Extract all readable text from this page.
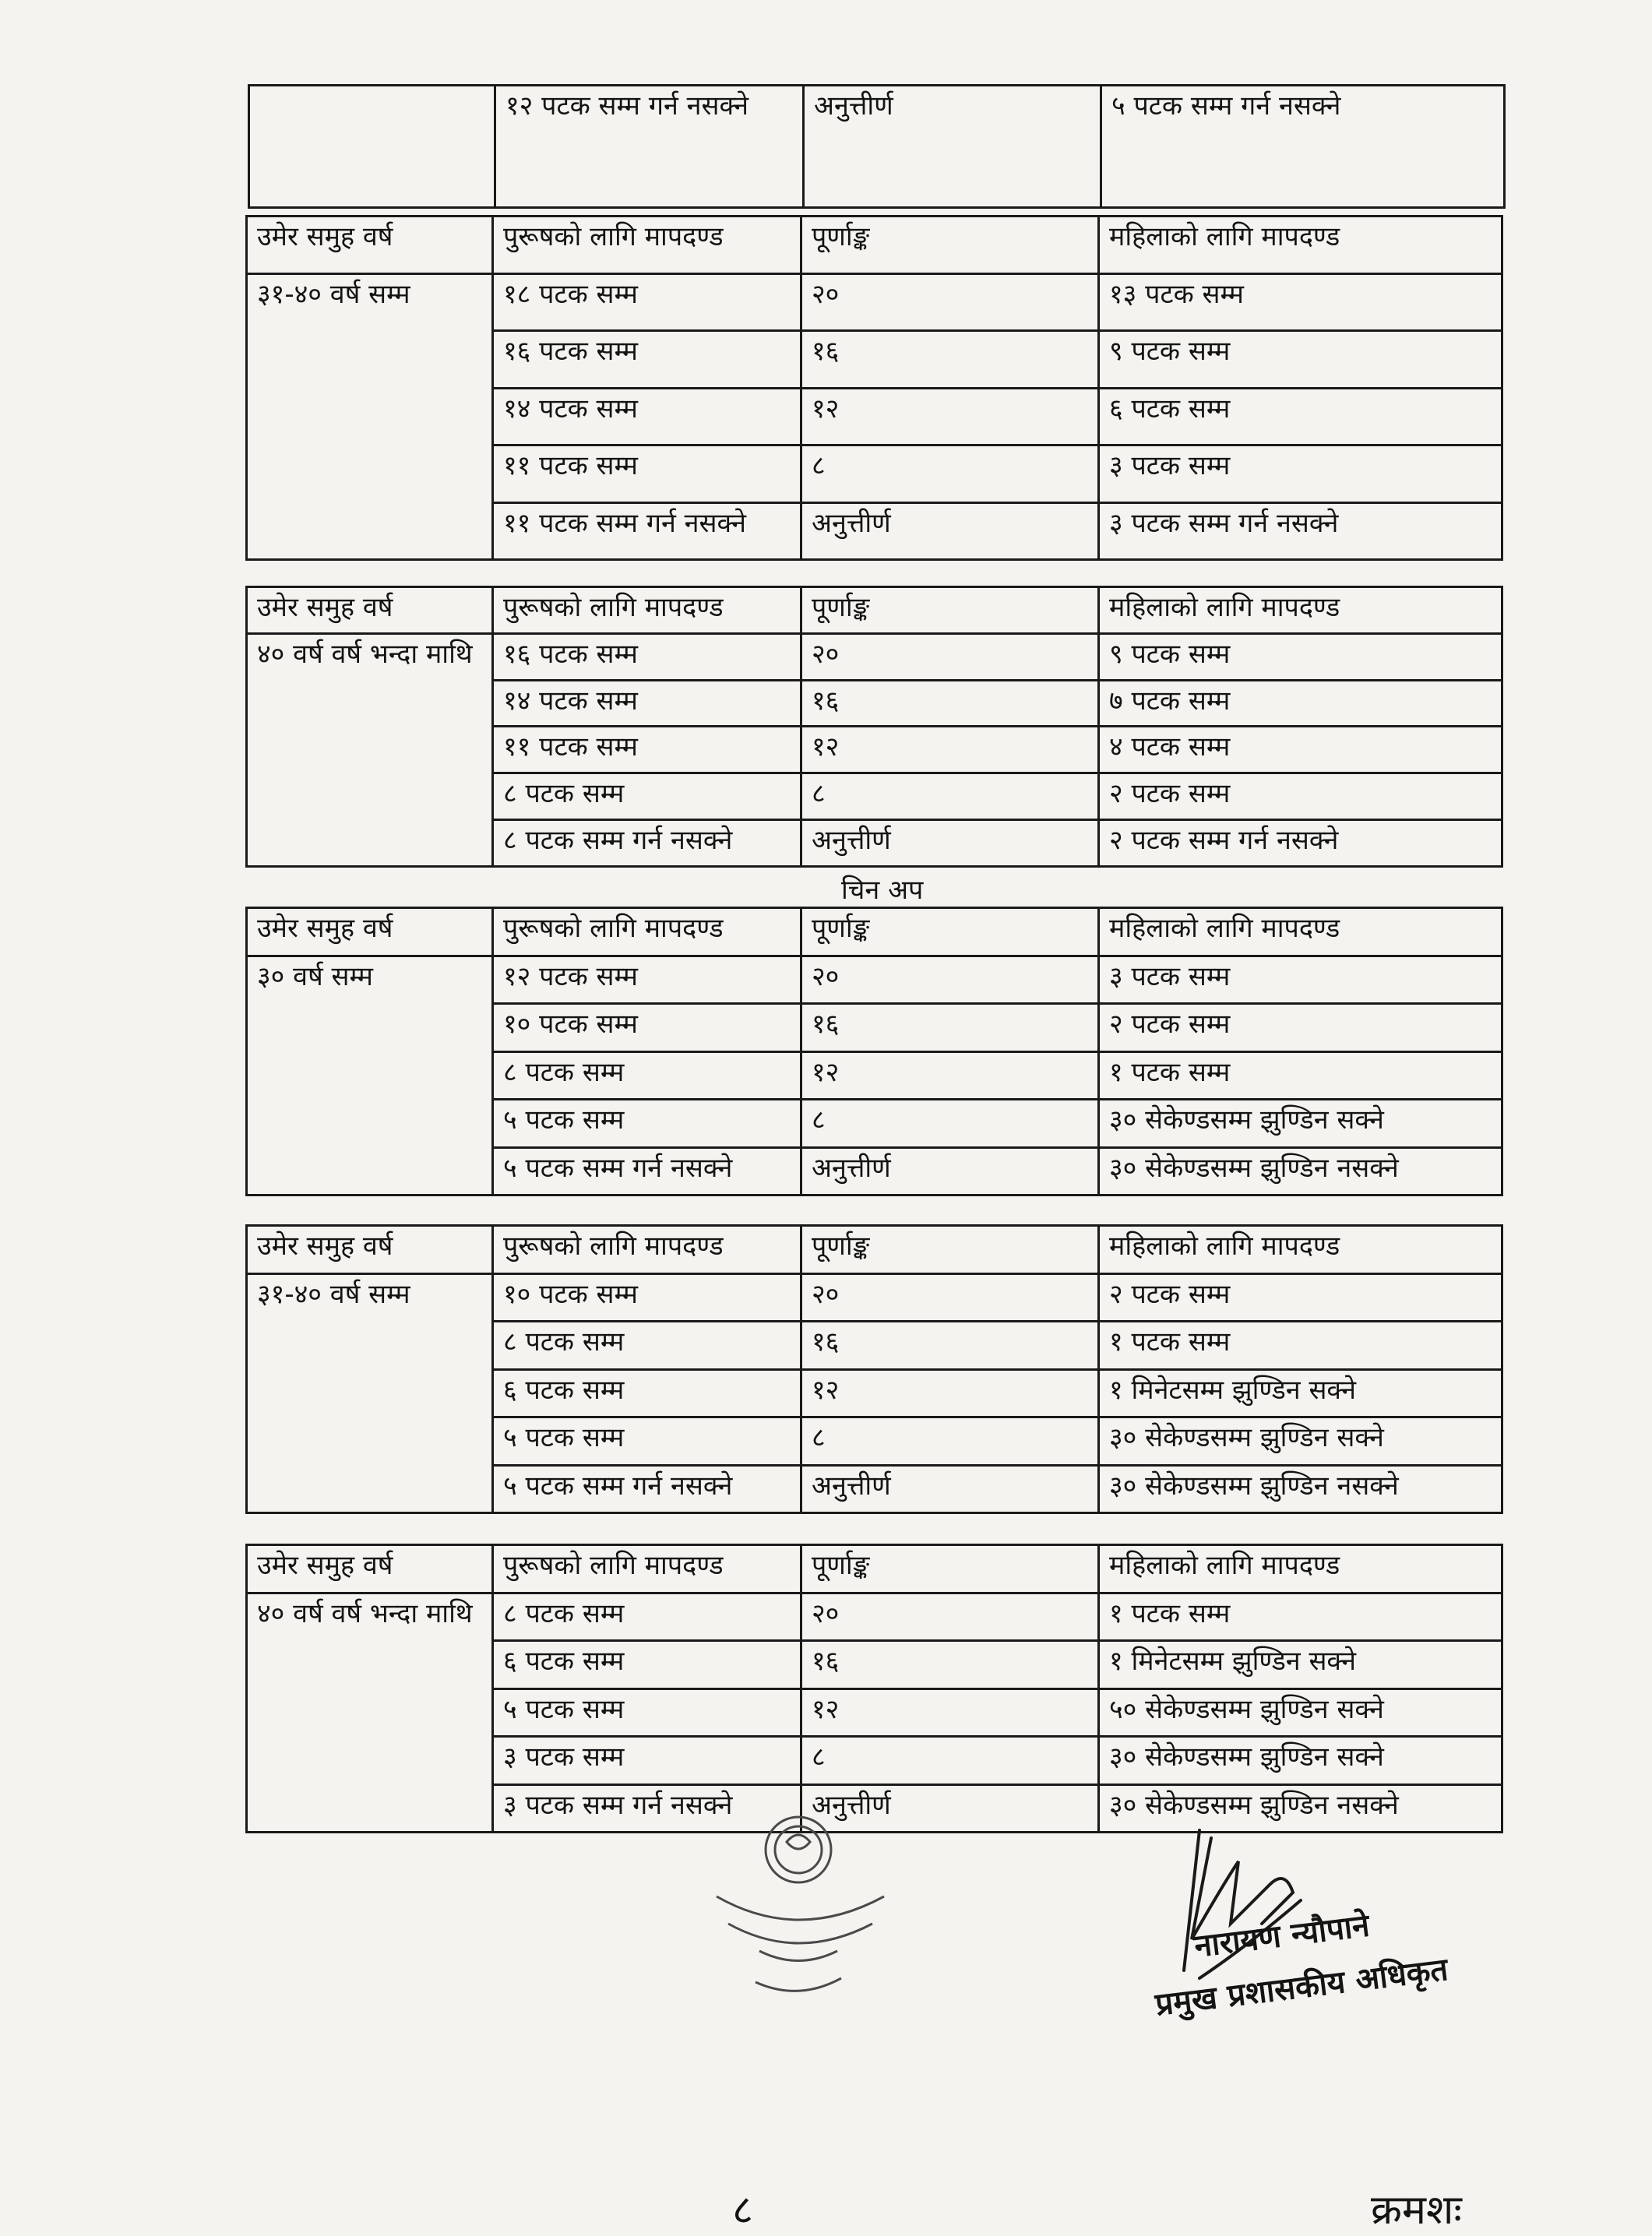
	१२ पटक सम्म गर्न नसक्ने	अनुत्तीर्ण	५ पटक सम्म गर्न नसक्ने
उमेर समुह वर्ष	पुरूषको लागि मापदण्ड	पूर्णाङ्क	महिलाको लागि मापदण्ड
३१-४० वर्ष सम्म	१८ पटक सम्म	२०	१३ पटक सम्म
	१६ पटक सम्म	१६	९ पटक सम्म
	१४ पटक सम्म	१२	६ पटक सम्म
	११ पटक सम्म	८	३ पटक सम्म
	११ पटक सम्म गर्न नसक्ने	अनुत्तीर्ण	३ पटक सम्म गर्न नसक्ने
उमेर समुह वर्ष	पुरूषको लागि मापदण्ड	पूर्णाङ्क	महिलाको लागि मापदण्ड
४० वर्ष वर्ष भन्दा माथि	१६ पटक सम्म	२०	९ पटक सम्म
	१४ पटक सम्म	१६	७ पटक सम्म
	११ पटक सम्म	१२	४ पटक सम्म
	८ पटक सम्म	८	२ पटक सम्म
	८ पटक सम्म गर्न नसक्ने	अनुत्तीर्ण	२ पटक सम्म गर्न नसक्ने
चिन अप
उमेर समुह वर्ष	पुरूषको लागि मापदण्ड	पूर्णाङ्क	महिलाको लागि मापदण्ड
३० वर्ष सम्म	१२ पटक सम्म	२०	३ पटक सम्म
	१० पटक सम्म	१६	२ पटक सम्म
	८ पटक सम्म	१२	१ पटक सम्म
	५ पटक सम्म	८	३० सेकेण्डसम्म झुण्डिन सक्ने
	५ पटक सम्म गर्न नसक्ने	अनुत्तीर्ण	३० सेकेण्डसम्म झुण्डिन नसक्ने
उमेर समुह वर्ष	पुरूषको लागि मापदण्ड	पूर्णाङ्क	महिलाको लागि मापदण्ड
३१-४० वर्ष सम्म	१० पटक सम्म	२०	२ पटक सम्म
	८ पटक सम्म	१६	१ पटक सम्म
	६ पटक सम्म	१२	१ मिनेटसम्म झुण्डिन सक्ने
	५ पटक सम्म	८	३० सेकेण्डसम्म झुण्डिन सक्ने
	५ पटक सम्म गर्न नसक्ने	अनुत्तीर्ण	३० सेकेण्डसम्म झुण्डिन नसक्ने
उमेर समुह वर्ष	पुरूषको लागि मापदण्ड	पूर्णाङ्क	महिलाको लागि मापदण्ड
४० वर्ष वर्ष भन्दा माथि	८ पटक सम्म	२०	१ पटक सम्म
	६ पटक सम्म	१६	१ मिनेटसम्म झुण्डिन सक्ने
	५ पटक सम्म	१२	५० सेकेण्डसम्म झुण्डिन सक्ने
	३ पटक सम्म	८	३० सेकेण्डसम्म झुण्डिन सक्ने
	३ पटक सम्म गर्न नसक्ने	अनुत्तीर्ण	३० सेकेण्डसम्म झुण्डिन नसक्ने
नारायण न्यौपाने
प्रमुख प्रशासकीय अधिकृत
८	क्रमशः
